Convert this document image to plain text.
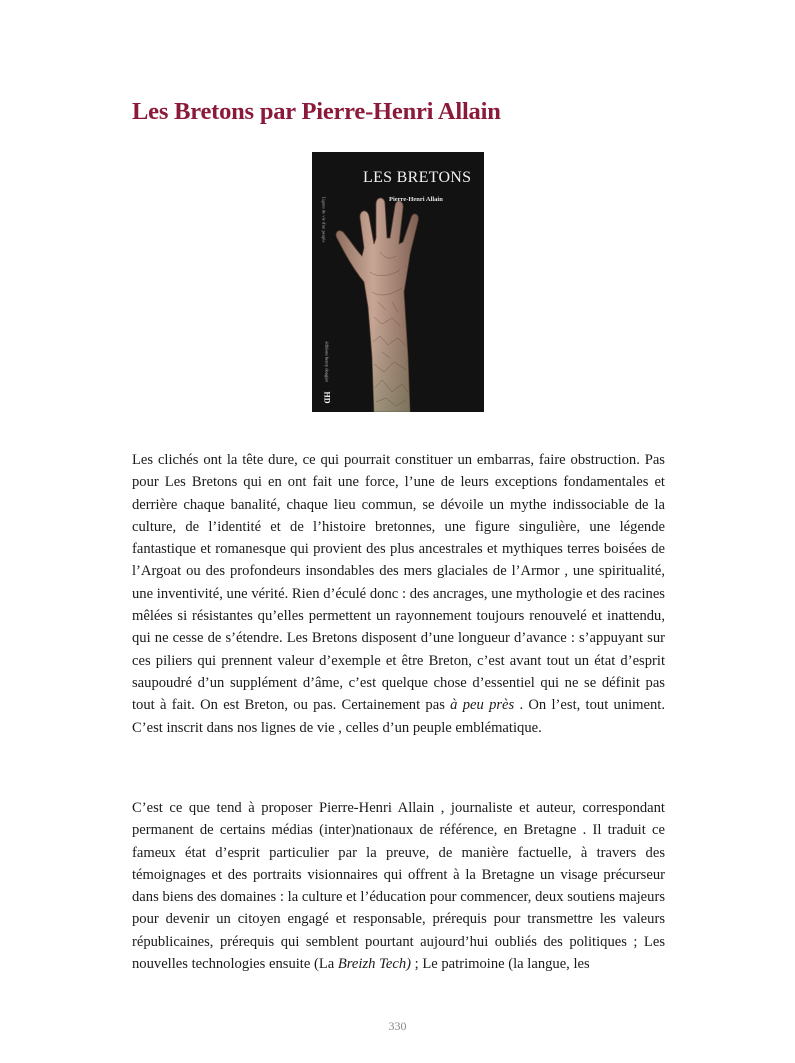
Les Bretons par Pierre-Henri Allain
LES BRETONS
Pierre-Henri Allain
Lignes de vie d'un peuple
éditions henry dougier
HD

Les clichés ont la tête dure, ce qui pourrait constituer un embarras, faire obstruction. Pas pour Les Bretons qui en ont fait une force, l’une de leurs exceptions fondamentales et derrière chaque banalité, chaque lieu commun, se dévoile un mythe indissociable de la culture, de l’identité et de l’histoire bretonnes, une figure singulière, une légende fantastique et romanesque qui provient des plus ancestrales et mythiques terres boisées de l’Argoat ou des profondeurs insondables des mers glaciales de l’Armor , une spiritualité, une inventivité, une vérité. Rien d’éculé donc : des ancrages, une mythologie et des racines mêlées si résistantes qu’elles permettent un rayonnement toujours renouvelé et inattendu, qui ne cesse de s’étendre. Les Bretons disposent d’une longueur d’avance : s’appuyant sur ces piliers qui prennent valeur d’exemple et être Breton, c’est avant tout un état d’esprit saupoudré d’un supplément d’âme, c’est quelque chose d’essentiel qui ne se définit pas tout à fait. On est Breton, ou pas. Certainement pas à peu près . On l’est, tout uniment. C’est inscrit dans nos lignes de vie , celles d’un peuple emblématique.

C’est ce que tend à proposer Pierre-Henri Allain , journaliste et auteur, correspondant permanent de certains médias (inter)nationaux de référence, en Bretagne . Il traduit ce fameux état d’esprit particulier par la preuve, de manière factuelle, à travers des témoignages et des portraits visionnaires qui offrent à la Bretagne un visage précurseur dans biens des domaines : la culture et l’éducation pour commencer, deux soutiens majeurs pour devenir un citoyen engagé et responsable, prérequis pour transmettre les valeurs républicaines, prérequis qui semblent pourtant aujourd’hui oubliés des politiques ; Les nouvelles technologies ensuite (La Breizh Tech) ; Le patrimoine (la langue, les

330
